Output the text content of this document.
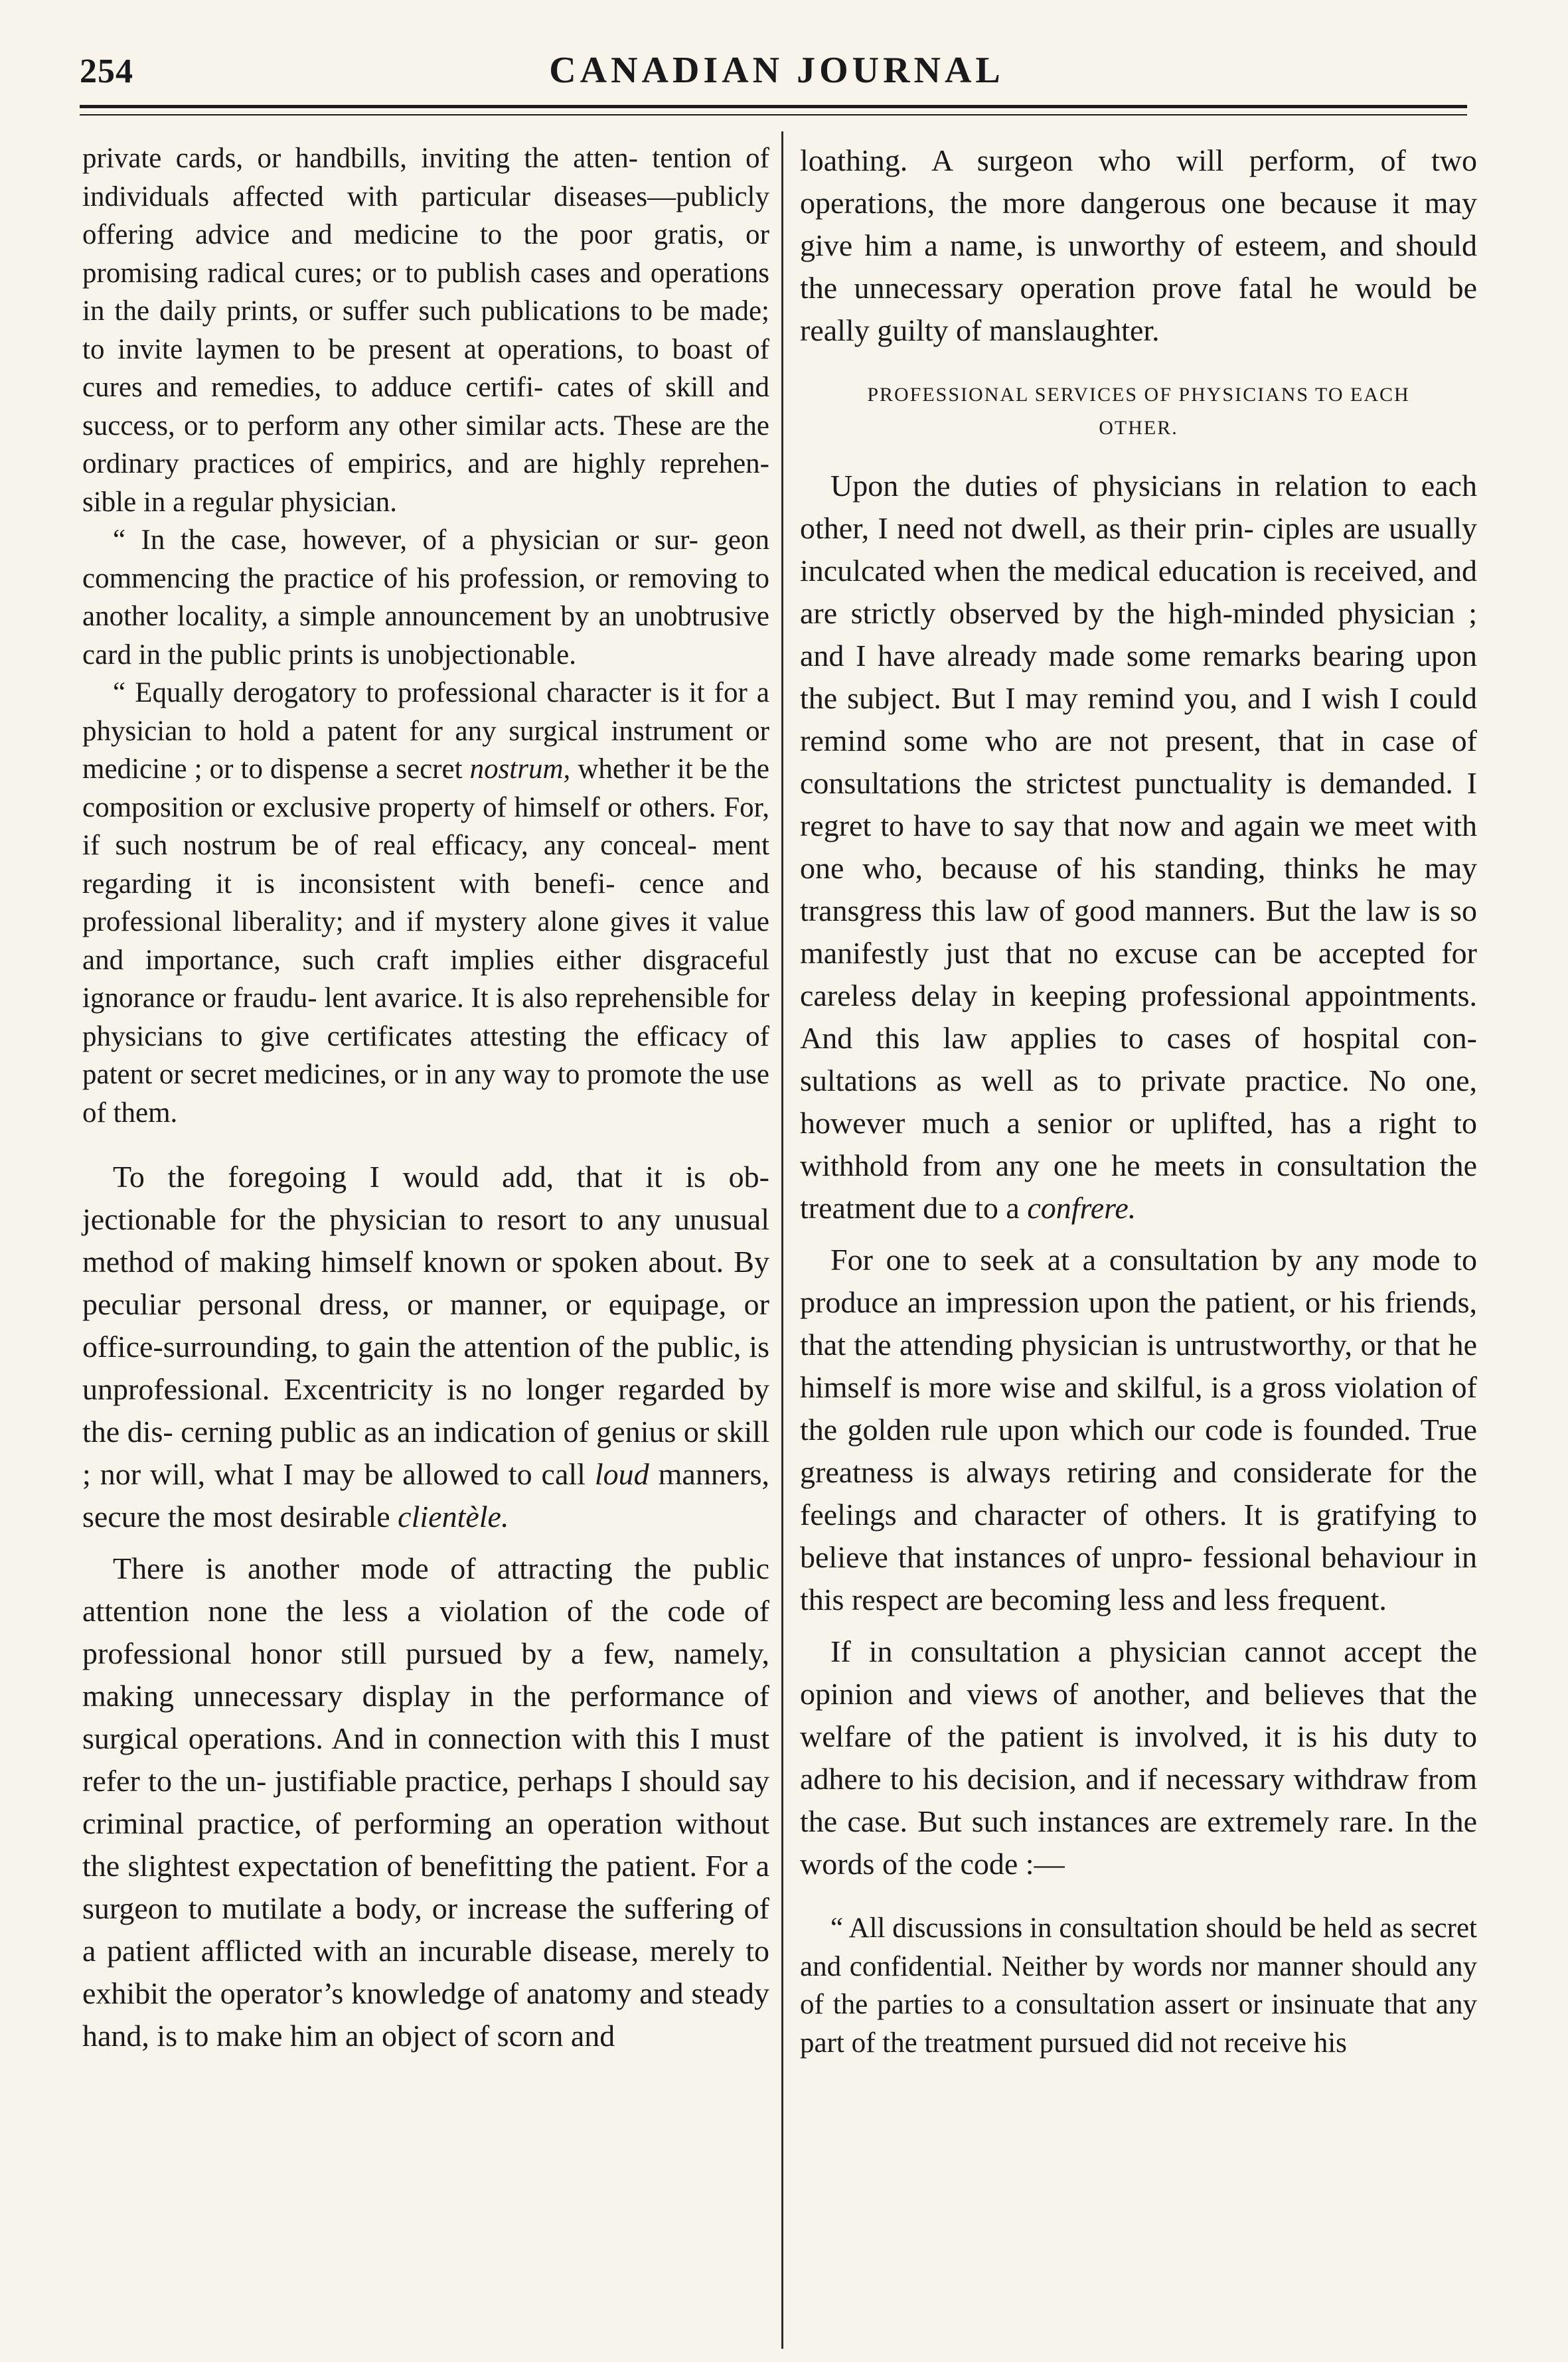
254	CANADIAN JOURNAL

private cards, or handbills, inviting the atten- tention of individuals affected with particular diseases—publicly offering advice and medicine to the poor gratis, or promising radical cures; or to publish cases and operations in the daily prints, or suffer such publications to be made; to invite laymen to be present at operations, to boast of cures and remedies, to adduce certifi- cates of skill and success, or to perform any other similar acts. These are the ordinary practices of empirics, and are highly reprehen- sible in a regular physician.

“ In the case, however, of a physician or sur- geon commencing the practice of his profession, or removing to another locality, a simple announcement by an unobtrusive card in the public prints is unobjectionable.

“ Equally derogatory to professional character is it for a physician to hold a patent for any surgical instrument or medicine ; or to dispense a secret nostrum, whether it be the composition or exclusive property of himself or others. For, if such nostrum be of real efficacy, any conceal- ment regarding it is inconsistent with benefi- cence and professional liberality; and if mystery alone gives it value and importance, such craft implies either disgraceful ignorance or fraudu- lent avarice. It is also reprehensible for physicians to give certificates attesting the efficacy of patent or secret medicines, or in any way to promote the use of them.

To the foregoing I would add, that it is ob- jectionable for the physician to resort to any unusual method of making himself known or spoken about. By peculiar personal dress, or manner, or equipage, or office-surrounding, to gain the attention of the public, is unprofessional. Excentricity is no longer regarded by the dis- cerning public as an indication of genius or skill ; nor will, what I may be allowed to call loud manners, secure the most desirable clientèle.

There is another mode of attracting the public attention none the less a violation of the code of professional honor still pursued by a few, namely, making unnecessary display in the performance of surgical operations. And in connection with this I must refer to the un- justifiable practice, perhaps I should say criminal practice, of performing an operation without the slightest expectation of benefitting the patient. For a surgeon to mutilate a body, or increase the suffering of a patient afflicted with an incurable disease, merely to exhibit the operator’s knowledge of anatomy and steady hand, is to make him an object of scorn and

loathing. A surgeon who will perform, of two operations, the more dangerous one because it may give him a name, is unworthy of esteem, and should the unnecessary operation prove fatal he would be really guilty of manslaughter.

PROFESSIONAL SERVICES OF PHYSICIANS TO EACH
OTHER.

Upon the duties of physicians in relation to each other, I need not dwell, as their prin- ciples are usually inculcated when the medical education is received, and are strictly observed by the high-minded physician ; and I have already made some remarks bearing upon the subject. But I may remind you, and I wish I could remind some who are not present, that in case of consultations the strictest punctuality is demanded. I regret to have to say that now and again we meet with one who, because of his standing, thinks he may transgress this law of good manners. But the law is so manifestly just that no excuse can be accepted for careless delay in keeping professional appointments. And this law applies to cases of hospital con- sultations as well as to private practice. No one, however much a senior or uplifted, has a right to withhold from any one he meets in consultation the treatment due to a confrere.

For one to seek at a consultation by any mode to produce an impression upon the patient, or his friends, that the attending physician is untrustworthy, or that he himself is more wise and skilful, is a gross violation of the golden rule upon which our code is founded. True greatness is always retiring and considerate for the feelings and character of others. It is gratifying to believe that instances of unpro- fessional behaviour in this respect are becoming less and less frequent.

If in consultation a physician cannot accept the opinion and views of another, and believes that the welfare of the patient is involved, it is his duty to adhere to his decision, and if necessary withdraw from the case. But such instances are extremely rare. In the words of the code :—

“ All discussions in consultation should be held as secret and confidential. Neither by words nor manner should any of the parties to a consultation assert or insinuate that any part of the treatment pursued did not receive his
